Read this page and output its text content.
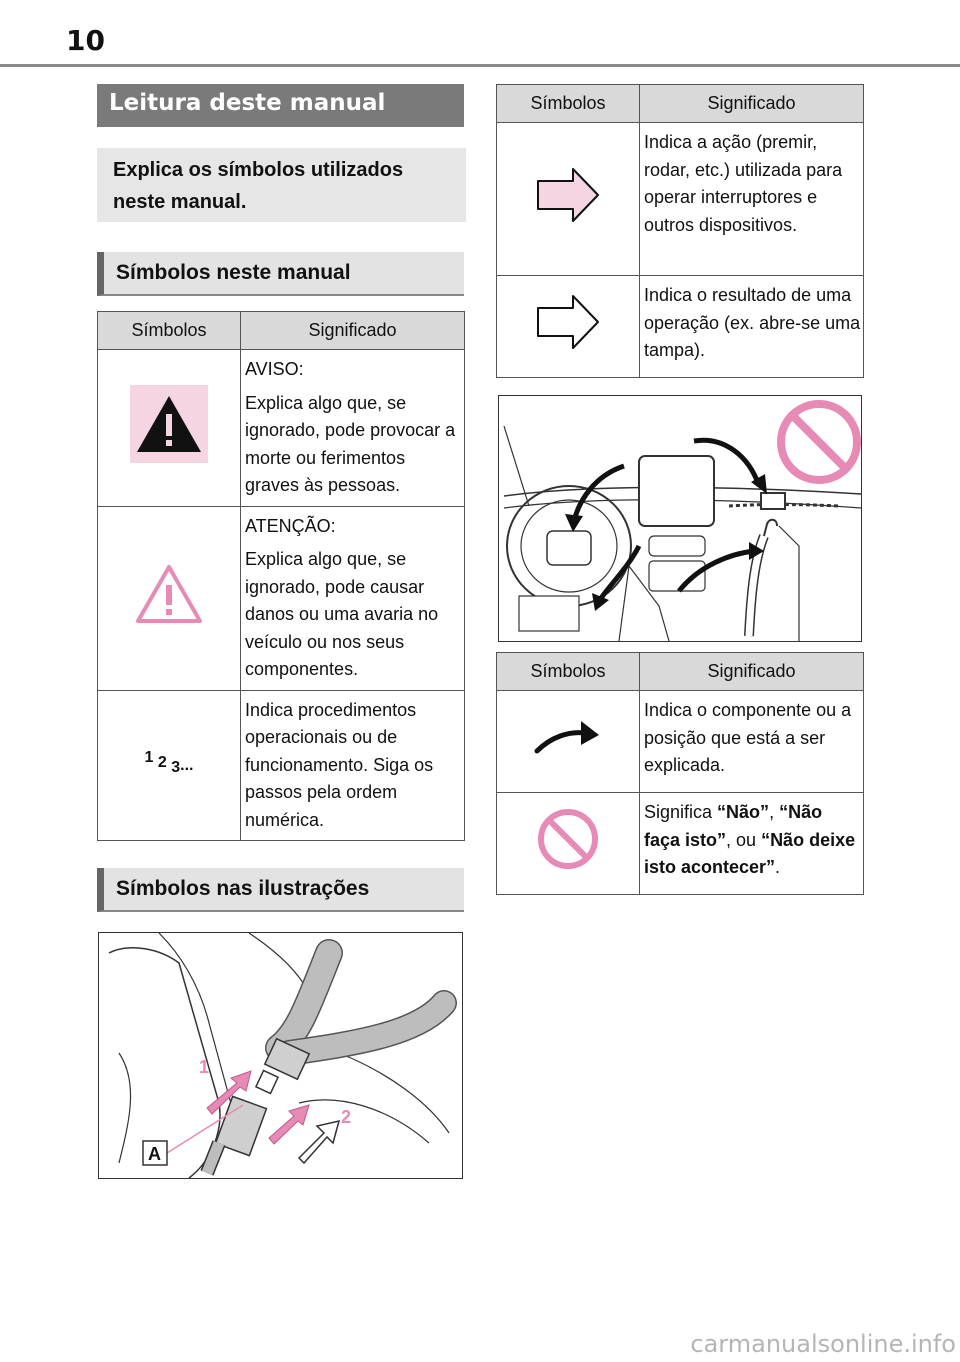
10
Leitura deste manual
Explica os símbolos utilizados neste manual.
Símbolos neste manual
Símbolos	Significado

AVISO:
Explica algo que, se ignorado, pode provocar a morte ou ferimentos graves às pessoas.

ATENÇÃO:
Explica algo que, se ignorado, pode causar danos ou uma avaria no veículo ou nos seus componentes.

1 2 3...	Indica procedimentos operacionais ou de funcionamento. Siga os passos pela ordem numérica.
Símbolos nas ilustrações
1
2
A
Símbolos	Significado

Indica a ação (premir, rodar, etc.) utilizada para operar interruptores e outros dispositivos.

Indica o resultado de uma operação (ex. abre-se uma tampa).
Símbolos	Significado

Indica o componente ou a posição que está a ser explicada.

Significa “Não”, “Não faça isto”, ou “Não deixe isto acontecer”.
carmanualsonline.info
